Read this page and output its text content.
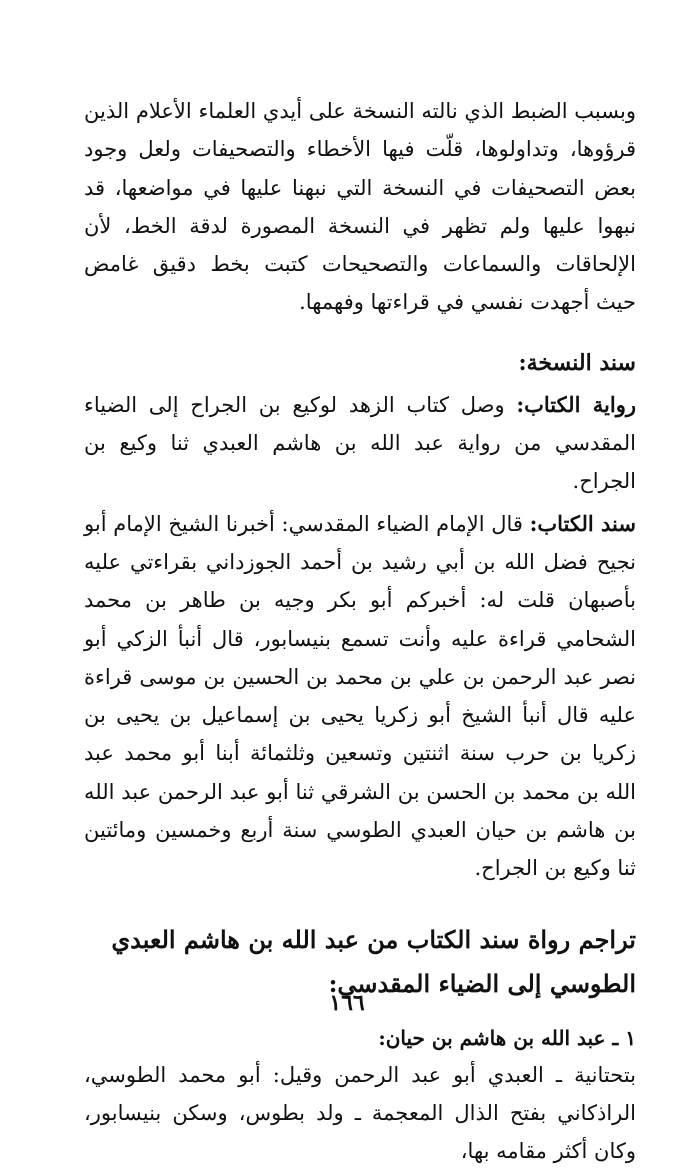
وبسبب الضبط الذي نالته النسخة على أيدي العلماء الأعلام الذين قرؤوها، وتداولوها، قلّت فيها الأخطاء والتصحيفات ولعل وجود بعض التصحيفات في النسخة التي نبهنا عليها في مواضعها، قد نبهوا عليها ولم تظهر في النسخة المصورة لدقة الخط، لأن الإلحاقات والسماعات والتصحيحات كتبت بخط دقيق غامض حيث أجهدت نفسي في قراءتها وفهمها.

سند النسخة:

رواية الكتاب: وصل كتاب الزهد لوكيع بن الجراح إلى الضياء المقدسي من رواية عبد الله بن هاشم العبدي ثنا وكيع بن الجراح.

سند الكتاب: قال الإمام الضياء المقدسي: أخبرنا الشيخ الإمام أبو نجيح فضل الله بن أبي رشيد بن أحمد الجوزداني بقراءتي عليه بأصبهان قلت له: أخبركم أبو بكر وجيه بن طاهر بن محمد الشحامي قراءة عليه وأنت تسمع بنيسابور، قال أنبأ الزكي أبو نصر عبد الرحمن بن علي بن محمد بن الحسين بن موسى قراءة عليه قال أنبأ الشيخ أبو زكريا يحيى بن إسماعيل بن يحيى بن زكريا بن حرب سنة اثنتين وتسعين وثلثمائة أبنا أبو محمد عبد الله بن محمد بن الحسن بن الشرقي ثنا أبو عبد الرحمن عبد الله بن هاشم بن حيان العبدي الطوسي سنة أربع وخمسين ومائتين ثنا وكيع بن الجراح.

تراجم رواة سند الكتاب من عبد الله بن هاشم العبدي الطوسي إلى الضياء المقدسي:

١ ـ عبد الله بن هاشم بن حيان:

بتحتانية ـ العبدي أبو عبد الرحمن وقيل: أبو محمد الطوسي، الراذكاني بفتح الذال المعجمة ـ ولد بطوس، وسكن بنيسابور، وكان أكثر مقامه بها،

١٦٦
